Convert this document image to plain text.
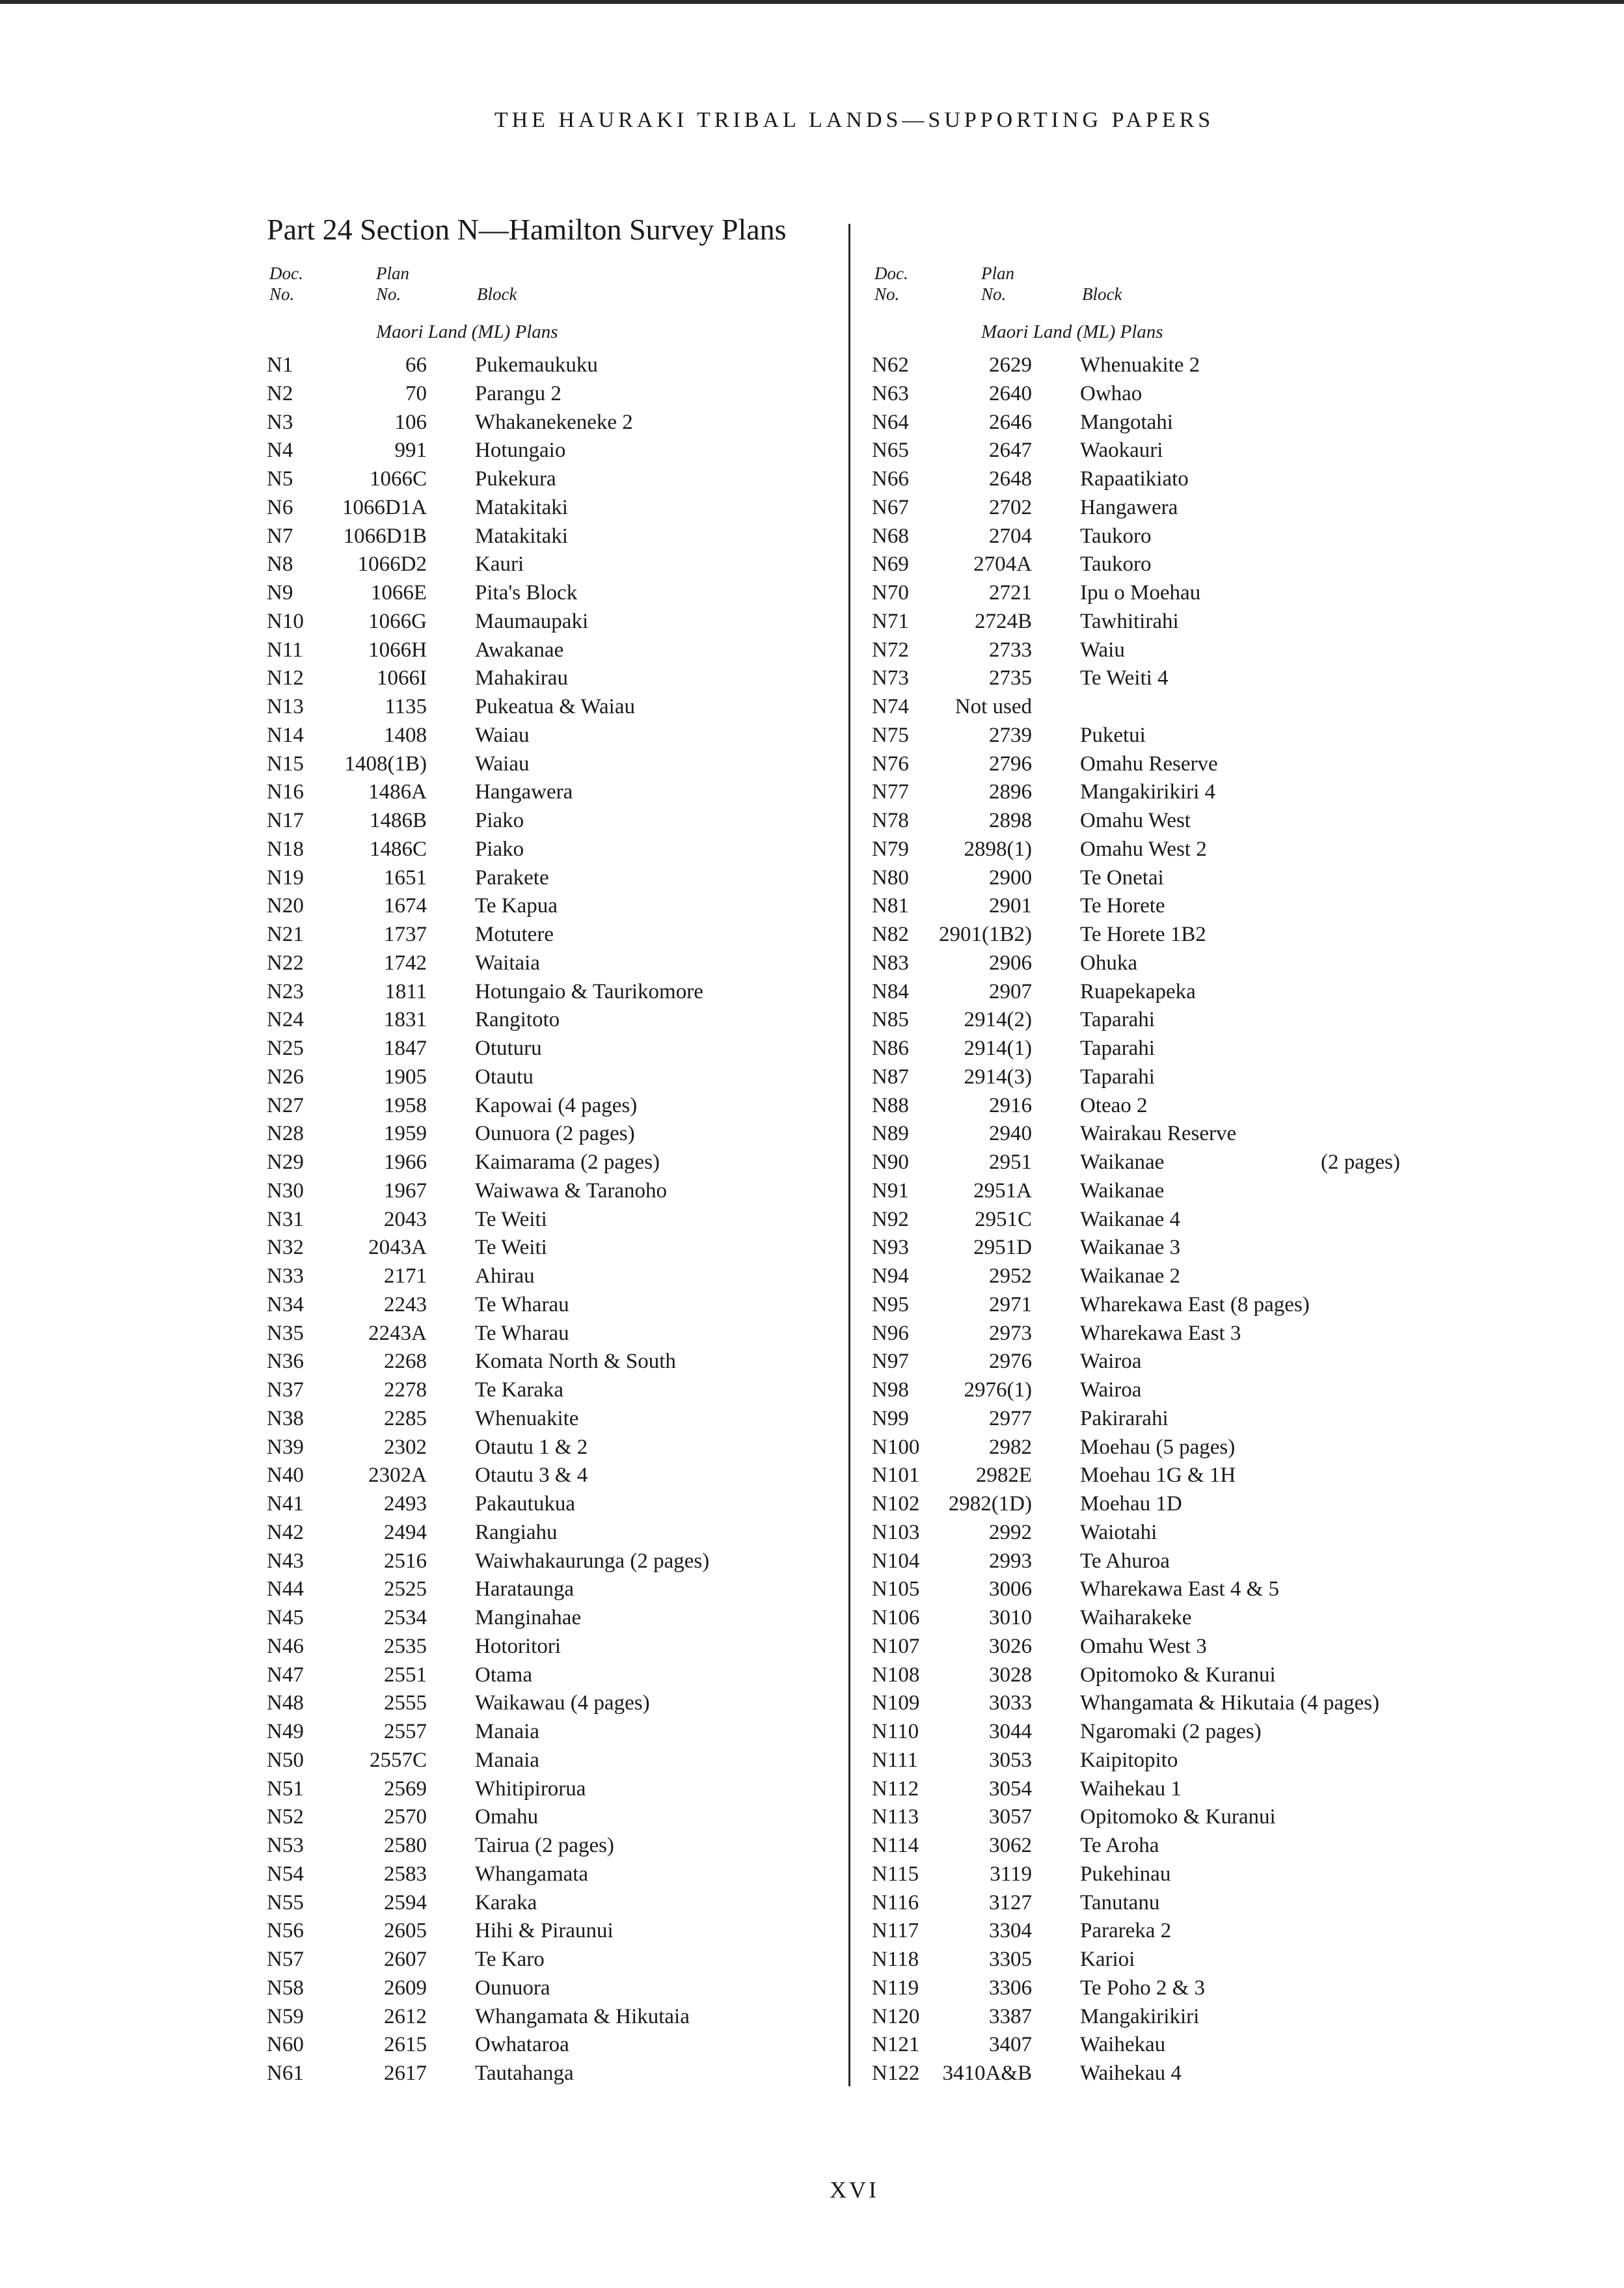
THE HAURAKI TRIBAL LANDS—SUPPORTING PAPERS
Part 24 Section N—Hamilton Survey Plans
Doc.
No.
Plan
No.	Block
Maori Land (ML) Plans
N1	66 Pukemaukuku
N2	70 Parangu 2
N3	106 Whakanekeneke 2
N4	991 Hotungaio
N5	1066C Pukekura
N6	1066D1A Matakitaki
N7	1066D1B Matakitaki
N8	1066D2 Kauri
N9	1066E Pita's Block
N10	1066G Maumaupaki
N11	1066H Awakanae
N12	1066I Mahakirau
N13	1135 Pukeatua & Waiau
N14	1408 Waiau
N15	1408(1B) Waiau
N16	1486A Hangawera
N17	1486B Piako
N18	1486C Piako
N19	1651 Parakete
N20	1674 Te Kapua
N21	1737 Motutere
N22	1742 Waitaia
N23	1811 Hotungaio & Taurikomore
N24	1831 Rangitoto
N25	1847 Otuturu
N26	1905 Otautu
N27	1958 Kapowai (4 pages)
N28	1959 Ounuora (2 pages)
N29	1966 Kaimarama (2 pages)
N30	1967 Waiwawa & Taranoho
N31	2043 Te Weiti
N32	2043A Te Weiti
N33	2171 Ahirau
N34	2243 Te Wharau
N35	2243A Te Wharau
N36	2268 Komata North & South
N37	2278 Te Karaka
N38	2285 Whenuakite
N39	2302 Otautu 1 & 2
N40	2302A Otautu 3 & 4
N41	2493 Pakautukua
N42	2494 Rangiahu
N43	2516 Waiwhakaurunga (2 pages)
N44	2525 Harataunga
N45	2534 Manginahae
N46	2535 Hotoritori
N47	2551 Otama
N48	2555 Waikawau (4 pages)
N49	2557 Manaia
N50	2557C Manaia
N51	2569 Whitipirorua
N52	2570 Omahu
N53	2580 Tairua (2 pages)
N54	2583 Whangamata
N55	2594 Karaka
N56	2605 Hihi & Piraunui
N57	2607 Te Karo
N58	2609 Ounuora
N59	2612 Whangamata & Hikutaia
N60	2615 Owhataroa
N61	2617 Tautahanga
Doc.
No.
Plan
No.	Block
Maori Land (ML) Plans
N62	2629 Whenuakite 2
N63	2640 Owhao
N64	2646 Mangotahi
N65	2647 Waokauri
N66	2648 Rapaatikiato
N67	2702 Hangawera
N68	2704 Taukoro
N69	2704A Taukoro
N70	2721 Ipu o Moehau
N71	2724B Tawhitirahi
N72	2733 Waiu
N73	2735 Te Weiti 4
N74	Not used
N75	2739 Puketui
N76	2796 Omahu Reserve
N77	2896 Mangakirikiri 4
N78	2898 Omahu West
N79	2898(1) Omahu West 2
N80	2900 Te Onetai
N81	2901 Te Horete
N82	2901(1B2) Te Horete 1B2
N83	2906 Ohuka
N84	2907 Ruapekapeka
N85	2914(2) Taparahi
N86	2914(1) Taparahi
N87	2914(3) Taparahi
N88	2916 Oteao 2
N89	2940 Wairakau Reserve
N90	2951 Waikanae	(2 pages)
N91	2951A Waikanae
N92	2951C Waikanae 4
N93	2951D Waikanae 3
N94	2952 Waikanae 2
N95	2971 Wharekawa East (8 pages)
N96	2973 Wharekawa East 3
N97	2976 Wairoa
N98	2976(1) Wairoa
N99	2977 Pakirarahi
N100	2982 Moehau (5 pages)
N101	2982E Moehau 1G & 1H
N102	2982(1D) Moehau 1D
N103	2992 Waiotahi
N104	2993 Te Ahuroa
N105	3006 Wharekawa East 4 & 5
N106	3010 Waiharakeke
N107	3026 Omahu West 3
N108	3028 Opitomoko & Kuranui
N109	3033 Whangamata & Hikutaia (4 pages)
N110	3044 Ngaromaki (2 pages)
N111	3053 Kaipitopito
N112	3054 Waihekau 1
N113	3057 Opitomoko & Kuranui
N114	3062 Te Aroha
N115	3119 Pukehinau
N116	3127 Tanutanu
N117	3304 Parareka 2
N118	3305 Karioi
N119	3306 Te Poho 2 & 3
N120	3387 Mangakirikiri
N121	3407 Waihekau
N122	3410A&B Waihekau 4
XVI
